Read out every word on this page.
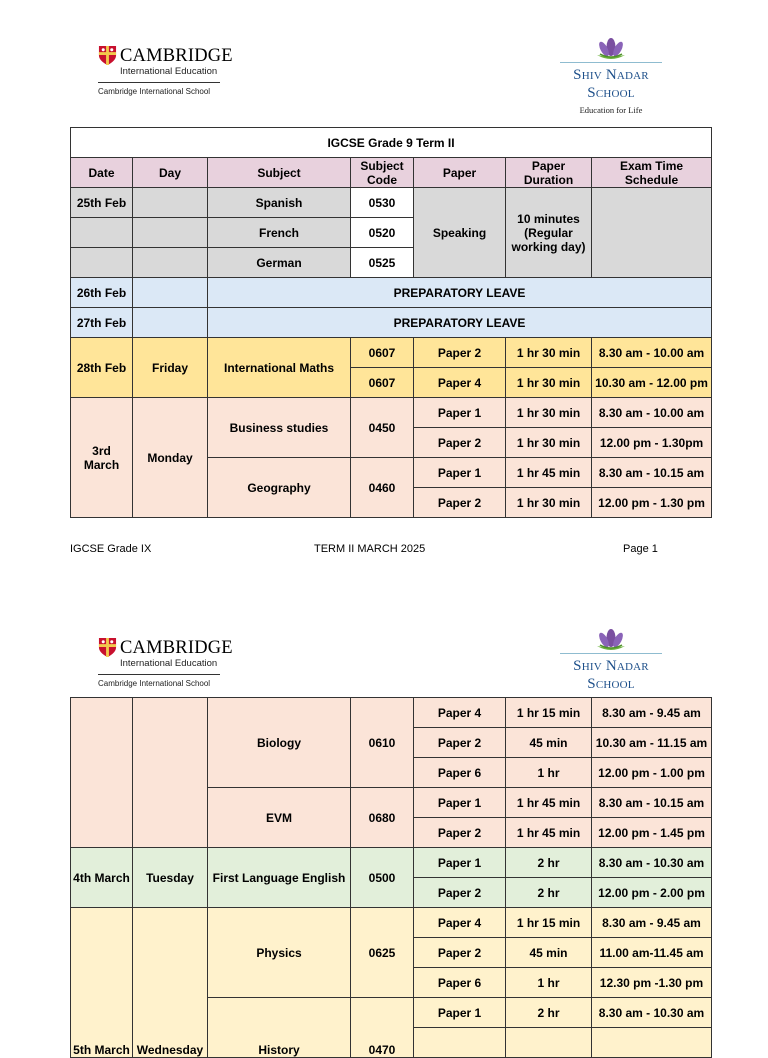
CAMBRIDGE
International Education
Cambridge International School
Shiv Nadar School
Education for Life
IGCSE Grade 9 Term II						
Date	Day	Subject	Subject Code	Paper	Paper Duration	Exam Time Schedule
25th Feb		Spanish	0530	Speaking	10 minutes (Regular working day)	
		French	0520			
		German	0525			
26th Feb		PREPARATORY LEAVE				
27th Feb		PREPARATORY LEAVE				
28th Feb	Friday	International Maths	0607	Paper 2	1 hr 30 min	8.30 am - 10.00 am
			0607	Paper 4	1 hr 30 min	10.30 am - 12.00 pm
3rd March	Monday	Business studies	0450	Paper 1	1 hr 30 min	8.30 am - 10.00 am
				Paper 2	1 hr 30 min	12.00 pm - 1.30pm
		Geography	0460	Paper 1	1 hr 45 min	8.30 am - 10.15 am
				Paper 2	1 hr 30 min	12.00 pm - 1.30 pm
IGCSE Grade IX	TERM II MARCH 2025	Page 1
CAMBRIDGE
International Education
Cambridge International School
Shiv Nadar School
		Biology	0610	Paper 4	1 hr 15 min	8.30 am - 9.45 am
				Paper 2	45 min	10.30 am - 11.15 am
				Paper 6	1 hr	12.00 pm - 1.00 pm
		EVM	0680	Paper 1	1 hr 45 min	8.30 am - 10.15 am
				Paper 2	1 hr 45 min	12.00 pm - 1.45 pm
4th March	Tuesday	First Language English	0500	Paper 1	2 hr	8.30 am - 10.30 am
				Paper 2	2 hr	12.00 pm - 2.00 pm
5th March	Wednesday	Physics	0625	Paper 4	1 hr 15 min	8.30 am - 9.45 am
				Paper 2	45 min	11.00 am-11.45 am
				Paper 6	1 hr	12.30 pm -1.30 pm
		History	0470	Paper 1	2 hr	8.30 am - 10.30 am
